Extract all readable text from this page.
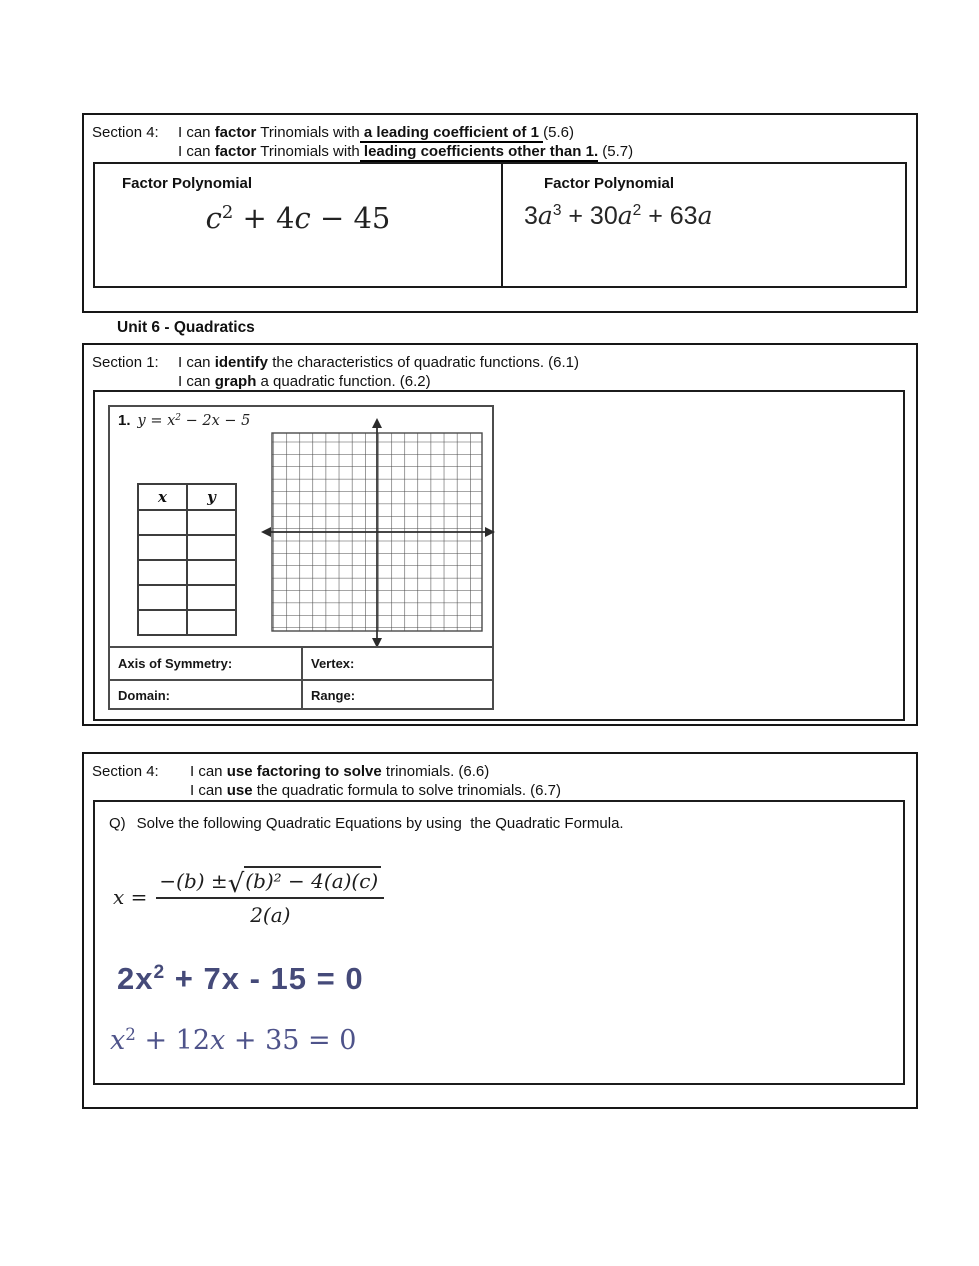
Section 4:	I can factor Trinomials with a leading coefficient of 1 (5.6)
I can factor Trinomials with leading coefficients other than 1. (5.7)
Factor Polynomial
$c^2 + 4c - 45$
Factor Polynomial
$3a^3 + 30a^2 + 63a$
Unit 6 - Quadratics
Section 1:	I can identify the characteristics of quadratic functions. (6.1)
I can graph a quadratic function. (6.2)
1. $y = x^2 - 2x - 5$
x	y

Axis of Symmetry:	Vertex:
Domain:	Range:
Section 4:	I can use factoring to solve trinomials. (6.6)
I can use the quadratic formula to solve trinomials. (6.7)
Q) Solve the following Quadratic Equations by using  the Quadratic Formula.
$x = \frac{\text{−(b) ± √ (b)² − 4(a)(c)}}{2(a)}$
$2x^2 + 7x - 15 = 0$
$x^2 + 12x + 35 = 0$
